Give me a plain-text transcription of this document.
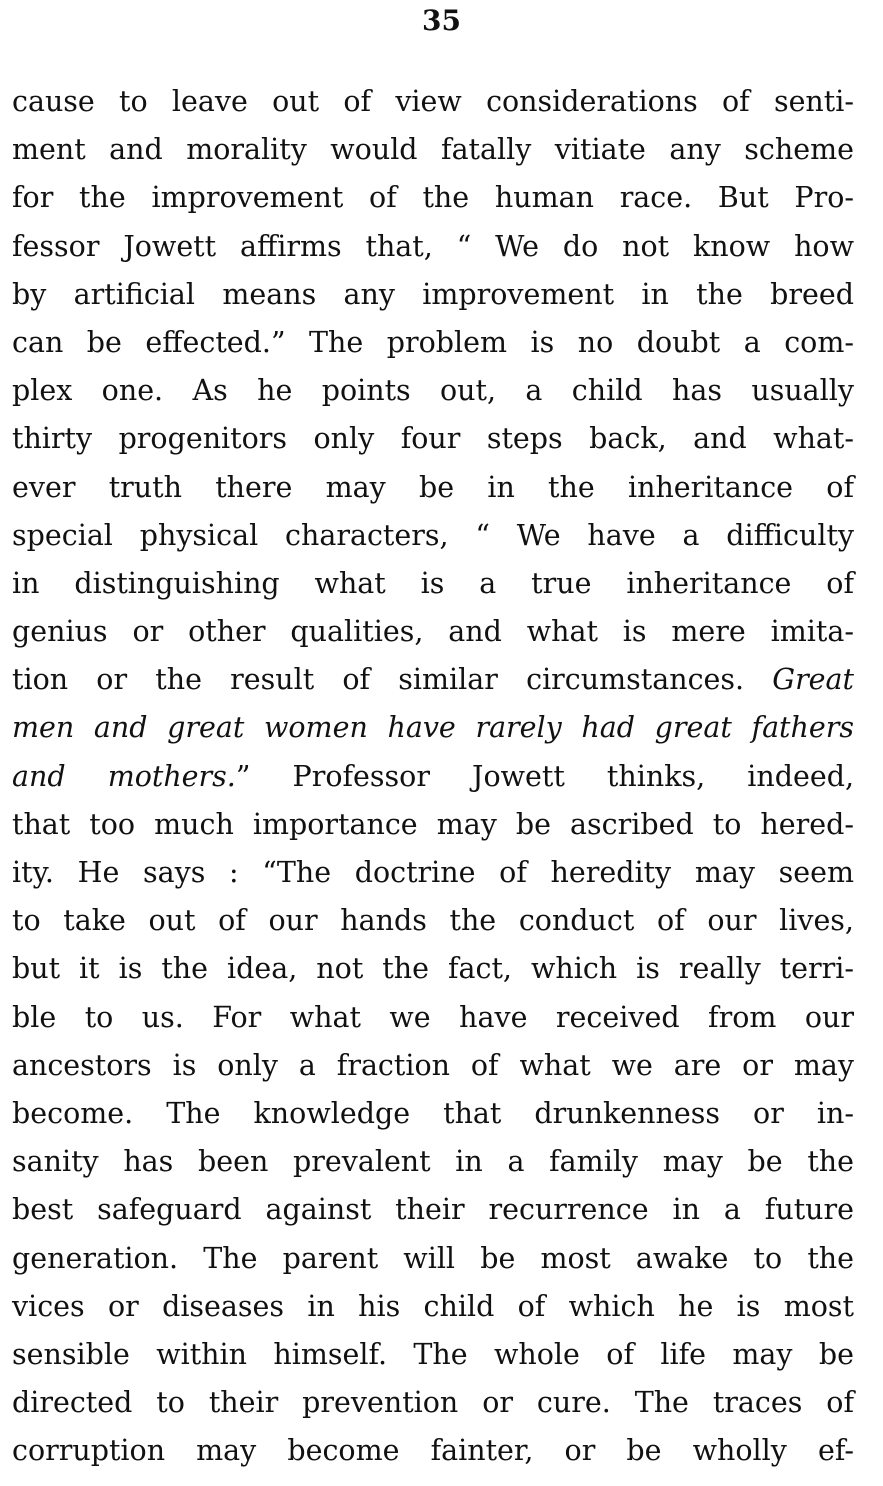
35
cause to leave out of view considerations of senti-
ment and morality would fatally vitiate any scheme
for the improvement of the human race. But Pro-
fessor Jowett affirms that, “ We do not know how
by artificial means any improvement in the breed
can be effected.” The problem is no doubt a com-
plex one. As he points out, a child has usually
thirty progenitors only four steps back, and what-
ever truth there may be in the inheritance of
special physical characters, “ We have a difficulty
in distinguishing what is a true inheritance of
genius or other qualities, and what is mere imita-
tion or the result of similar circumstances. Great
men and great women have rarely had great fathers
and mothers.” Professor Jowett thinks, indeed,
that too much importance may be ascribed to hered-
ity. He says : “The doctrine of heredity may seem
to take out of our hands the conduct of our lives,
but it is the idea, not the fact, which is really terri-
ble to us. For what we have received from our
ancestors is only a fraction of what we are or may
become. The knowledge that drunkenness or in-
sanity has been prevalent in a family may be the
best safeguard against their recurrence in a future
generation. The parent will be most awake to the
vices or diseases in his child of which he is most
sensible within himself. The whole of life may be
directed to their prevention or cure. The traces of
corruption may become fainter, or be wholly ef-
